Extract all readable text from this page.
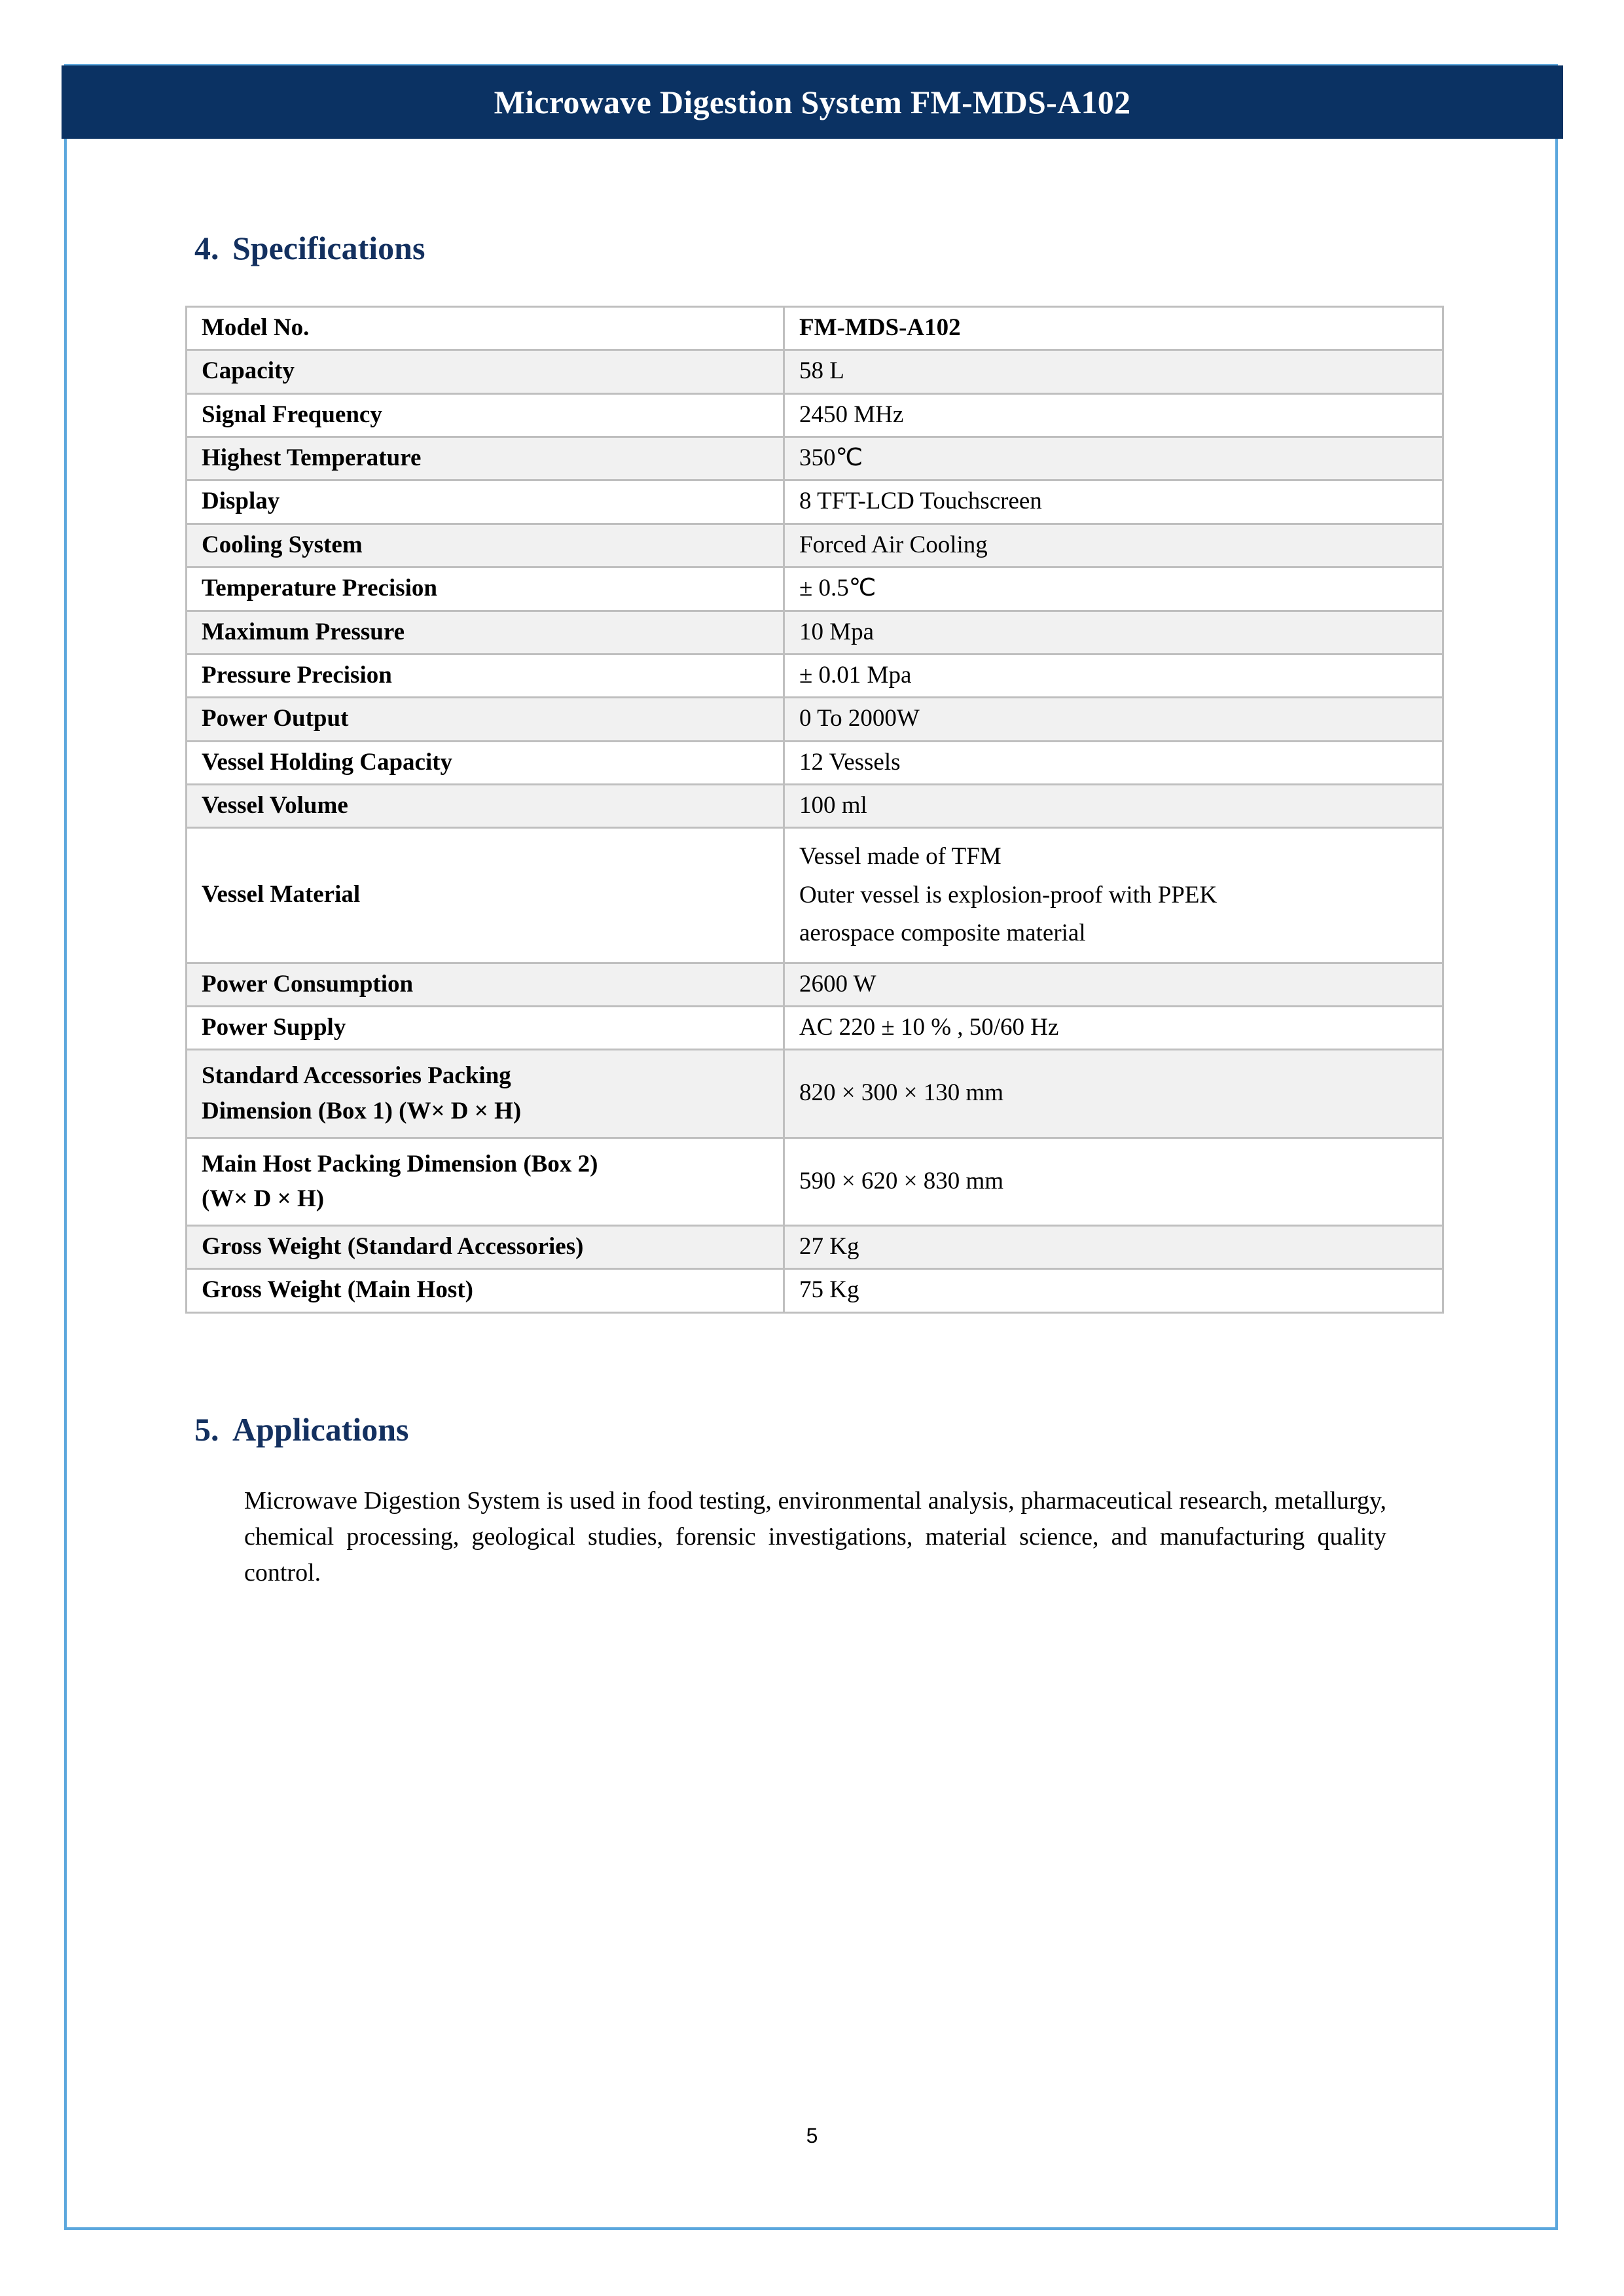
Microwave Digestion System FM-MDS-A102
4. Specifications
Model No.	FM-MDS-A102
Capacity	58 L
Signal Frequency	2450 MHz
Highest Temperature	350℃
Display	8 TFT-LCD Touchscreen
Cooling System	Forced Air Cooling
Temperature Precision	± 0.5℃
Maximum Pressure	10 Mpa
Pressure Precision	± 0.01 Mpa
Power Output	0 To 2000W
Vessel Holding Capacity	12 Vessels
Vessel Volume	100 ml
Vessel Material	Vessel made of TFM
Outer vessel is explosion-proof with PPEK
aerospace composite material

Power Consumption	2600 W
Power Supply	AC 220 ± 10 % , 50/60 Hz

Standard Accessories Packing
Dimension (Box 1) (W× D × H)	820 × 300 × 130 mm

Main Host Packing Dimension (Box 2)
(W× D × H)	590 × 620 × 830 mm
Gross Weight (Standard Accessories)	27 Kg
Gross Weight (Main Host)	75 Kg
5. Applications

Microwave Digestion System is used in food testing, environmental analysis, pharmaceutical research, metallurgy, chemical processing, geological studies, forensic investigations, material science, and manufacturing quality control.

5
